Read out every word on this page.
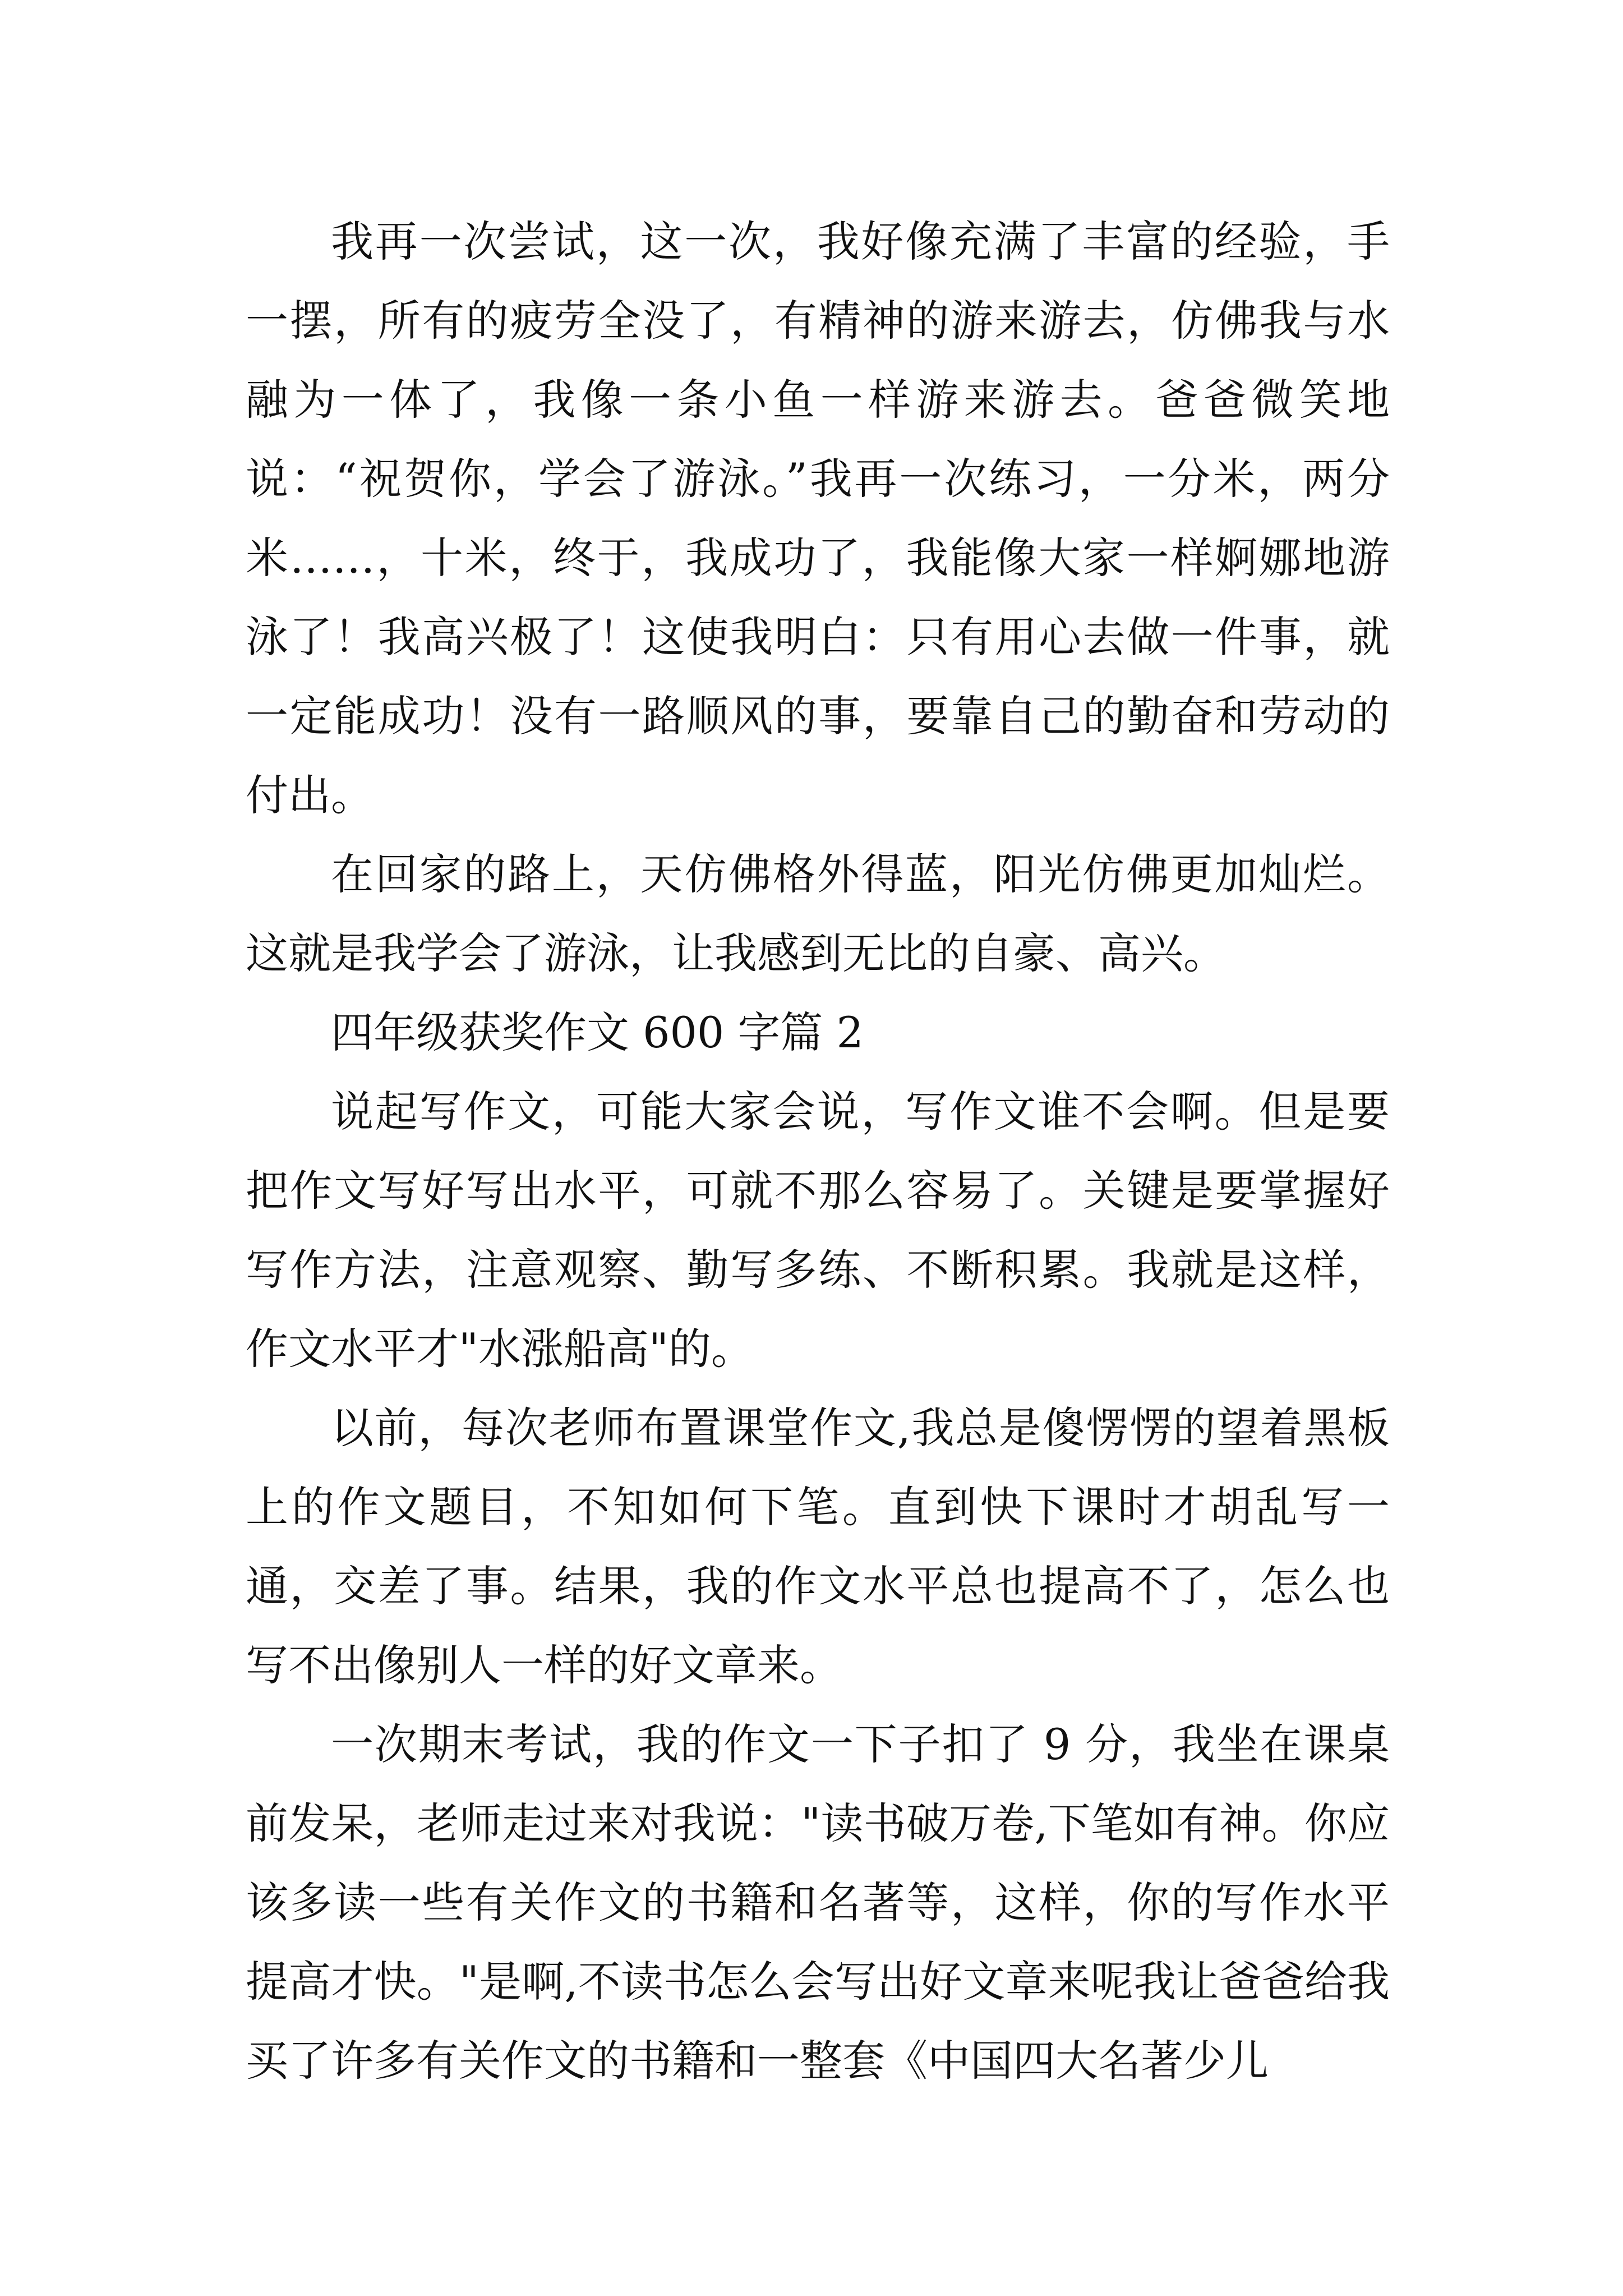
我再一次尝试，这一次，我好像充满了丰富的经验，手一摆，所有的疲劳全没了，有精神的游来游去，仿佛我与水融为一体了，我像一条小鱼一样游来游去。爸爸微笑地说：“祝贺你，学会了游泳。”我再一次练习，一分米，两分米……，十米，终于，我成功了，我能像大家一样婀娜地游泳了！我高兴极了！这使我明白：只有用心去做一件事，就一定能成功！没有一路顺风的事，要靠自己的勤奋和劳动的付出。

在回家的路上，天仿佛格外得蓝，阳光仿佛更加灿烂。这就是我学会了游泳，让我感到无比的自豪、高兴。

四年级获奖作文 600 字篇 2

说起写作文，可能大家会说，写作文谁不会啊。但是要把作文写好写出水平，可就不那么容易了。关键是要掌握好写作方法，注意观察、勤写多练、不断积累。我就是这样，作文水平才"水涨船高"的。

以前，每次老师布置课堂作文,我总是傻愣愣的望着黑板上的作文题目，不知如何下笔。直到快下课时才胡乱写一通，交差了事。结果，我的作文水平总也提高不了，怎么也写不出像别人一样的好文章来。

一次期末考试，我的作文一下子扣了 9 分，我坐在课桌前发呆，老师走过来对我说："读书破万卷,下笔如有神。你应该多读一些有关作文的书籍和名著等，这样，你的写作水平提高才快。"是啊,不读书怎么会写出好文章来呢我让爸爸给我买了许多有关作文的书籍和一整套《中国四大名著少儿
